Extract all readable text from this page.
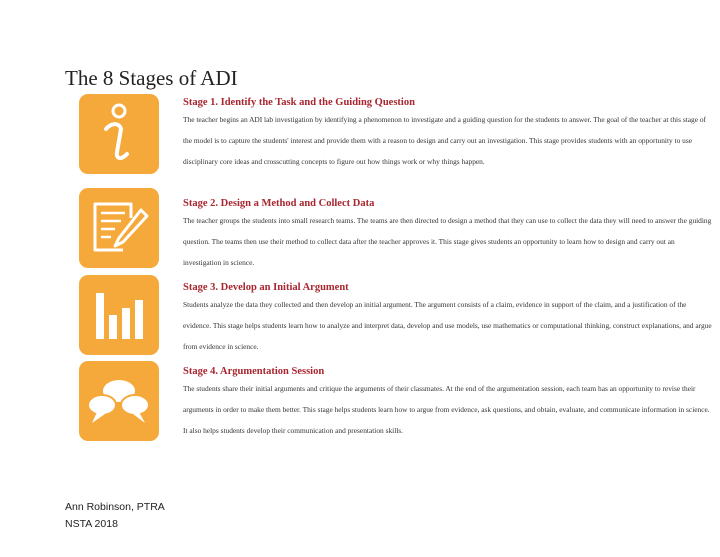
The 8 Stages of ADI
Stage 1. Identify the Task and the Guiding Question
The teacher begins an ADI lab investigation by identifying a phenomenon to investigate and a guiding question for the students to answer. The goal of the teacher at this stage of the model is to capture the students' interest and provide them with a reason to design and carry out an investigation. This stage provides students with an opportunity to use disciplinary core ideas and crosscutting concepts to figure out how things work or why things happen.
Stage 2. Design a Method and Collect Data
The teacher groups the students into small research teams. The teams are then directed to design a method that they can use to collect the data they will need to answer the guiding question. The teams then use their method to collect data after the teacher approves it. This stage gives students an opportunity to learn how to design and carry out an investigation in science.
Stage 3. Develop an Initial Argument
Students analyze the data they collected and then develop an initial argument. The argument consists of a claim, evidence in support of the claim, and a justification of the evidence. This stage helps students learn how to analyze and interpret data, develop and use models, use mathematics or computational thinking, construct explanations, and argue from evidence in science.
Stage 4. Argumentation Session
The students share their initial arguments and critique the arguments of their classmates. At the end of the argumentation session, each team has an opportunity to revise their arguments in order to make them better. This stage helps students learn how to argue from evidence, ask questions, and obtain, evaluate, and communicate information in science. It also helps students develop their communication and presentation skills.
Ann Robinson, PTRA
NSTA 2018
